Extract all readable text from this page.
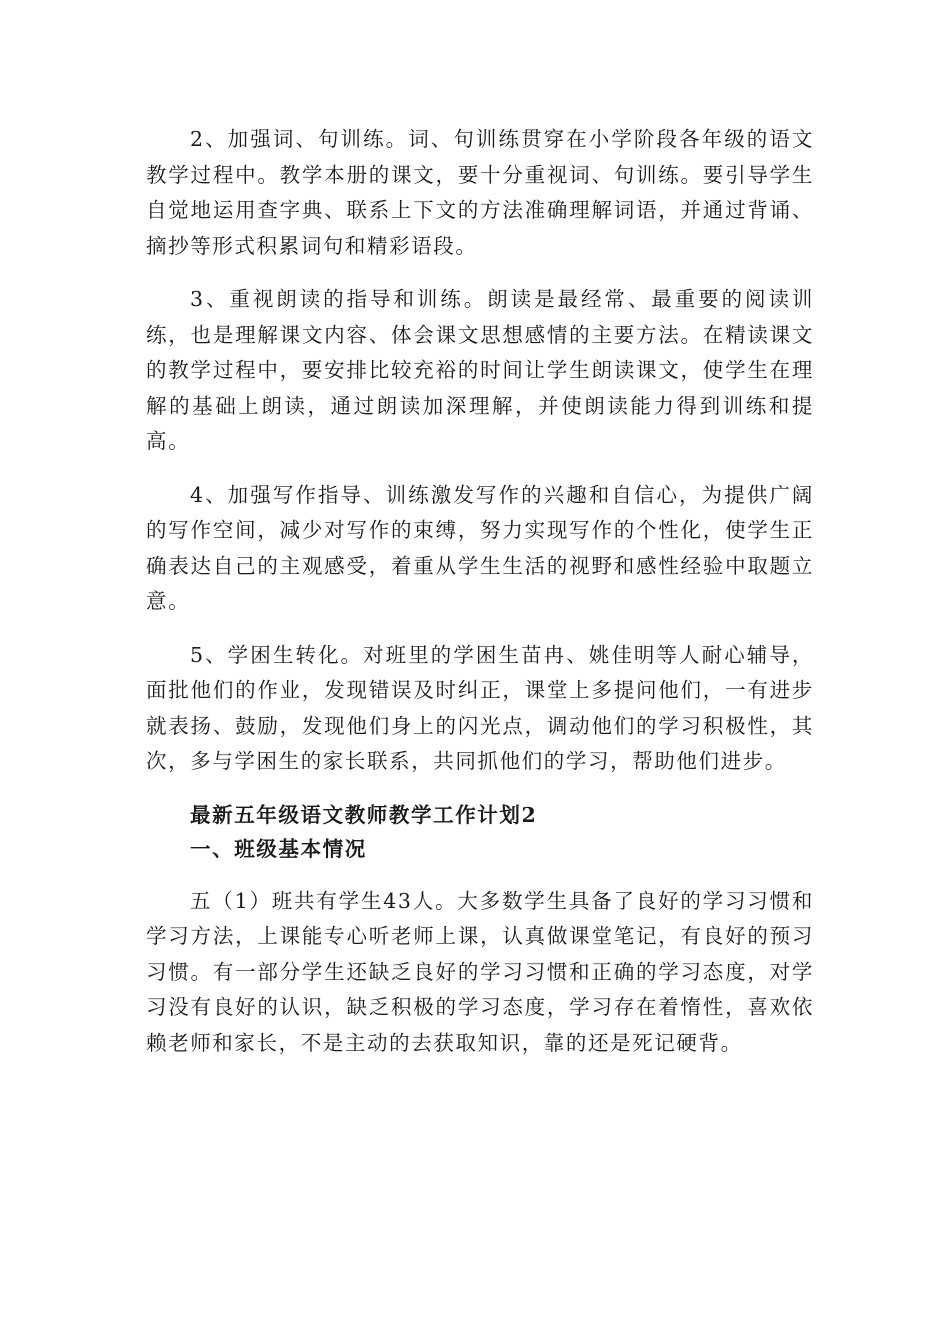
2、加强词、句训练。词、句训练贯穿在小学阶段各年级的语文教学过程中。教学本册的课文，要十分重视词、句训练。要引导学生自觉地运用查字典、联系上下文的方法准确理解词语，并通过背诵、摘抄等形式积累词句和精彩语段。

3、重视朗读的指导和训练。朗读是最经常、最重要的阅读训练，也是理解课文内容、体会课文思想感情的主要方法。在精读课文的教学过程中，要安排比较充裕的时间让学生朗读课文，使学生在理解的基础上朗读，通过朗读加深理解，并使朗读能力得到训练和提高。

4、加强写作指导、训练激发写作的兴趣和自信心，为提供广阔的写作空间，减少对写作的束缚，努力实现写作的个性化，使学生正确表达自己的主观感受，着重从学生生活的视野和感性经验中取题立意。

5、学困生转化。对班里的学困生苗冉、姚佳明等人耐心辅导，面批他们的作业，发现错误及时纠正，课堂上多提问他们，一有进步就表扬、鼓励，发现他们身上的闪光点，调动他们的学习积极性，其次，多与学困生的家长联系，共同抓他们的学习，帮助他们进步。

最新五年级语文教师教学工作计划2
一、班级基本情况

五（1）班共有学生43人。大多数学生具备了良好的学习习惯和学习方法，上课能专心听老师上课，认真做课堂笔记，有良好的预习习惯。有一部分学生还缺乏良好的学习习惯和正确的学习态度，对学习没有良好的认识，缺乏积极的学习态度，学习存在着惰性，喜欢依赖老师和家长，不是主动的去获取知识，靠的还是死记硬背。
